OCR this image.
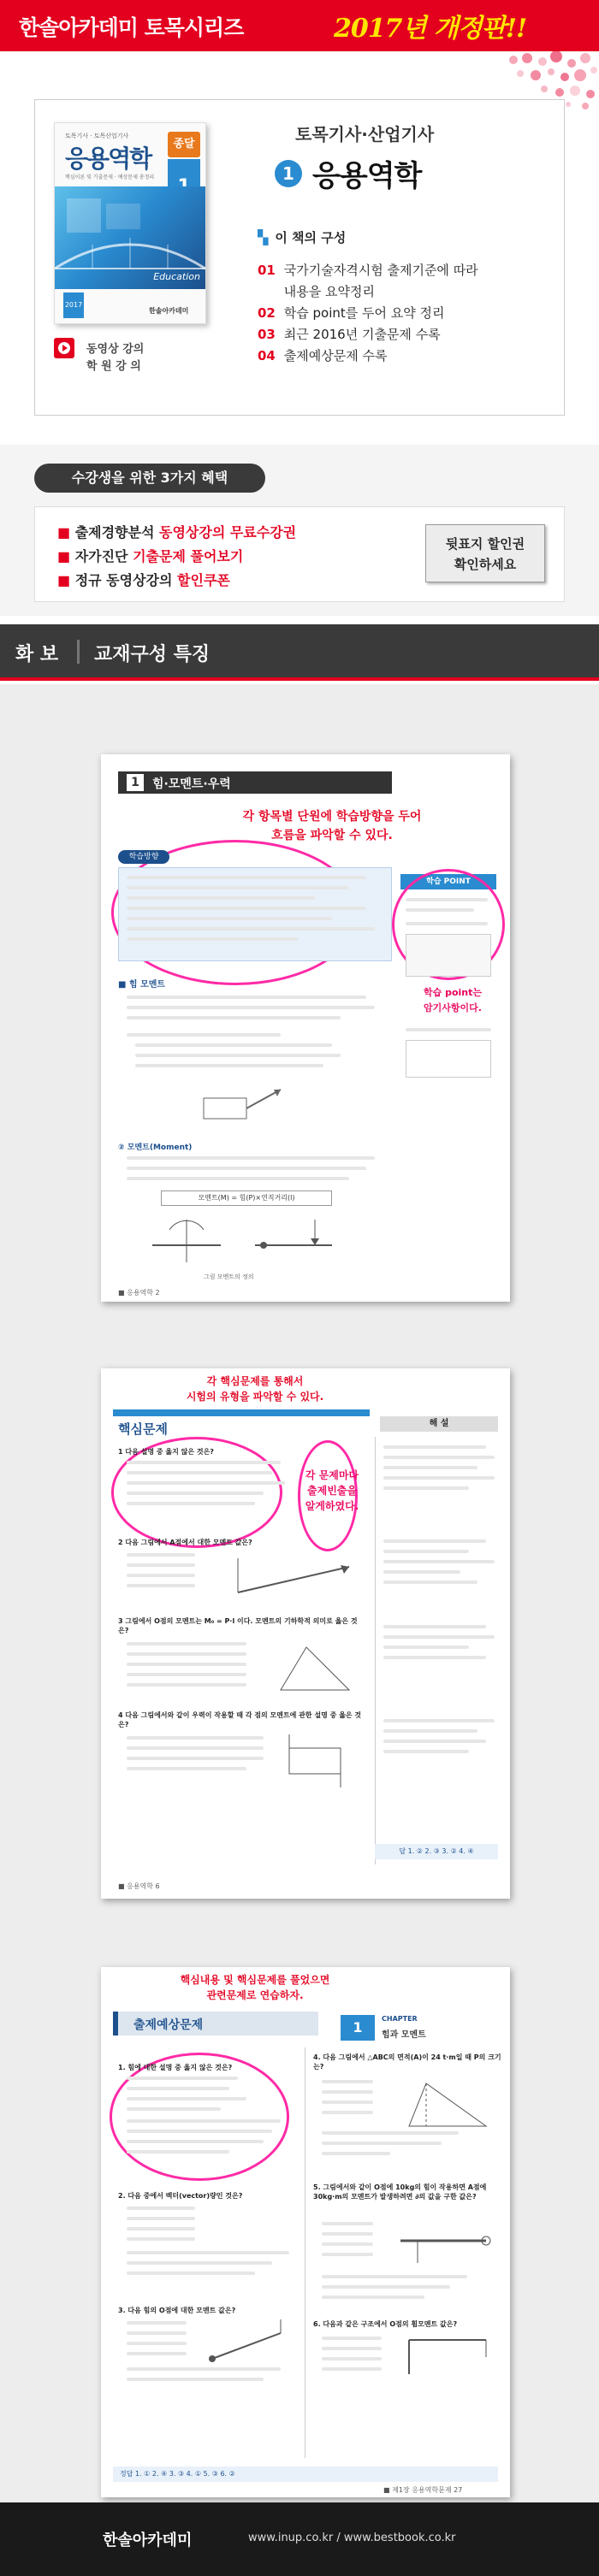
한솔아카데미 토목시리즈	2017년 개정판!!
토목기사 · 토목산업기사
응용역학
핵심이론 및 기출문제 · 예상문제 총정리
종달
Education
2017
한솔아카데미
동영상 강의
학 원 강 의
토목기사·산업기사
1 응용역학
▚ 이 책의 구성
01 국가기술자격시험 출제기준에 따라
내용을 요약정리
02 학습 point를 두어 요약 정리
03 최근 2016년 기출문제 수록
04 출제예상문제 수록
수강생을 위한 3가지 혜택
■ 출제경향분석 동영상강의 무료수강권
■ 자가진단 기출문제 풀어보기
■ 정규 동영상강의 할인쿠폰
뒷표지 할인권
확인하세요
화 보 교재구성 특징
1	힘·모멘트·우력
각 항목별 단원에 학습방향을 두어
흐름을 파악할 수 있다.
학습방향
■ 힘 모멘트
② 모멘트(Moment)
모멘트(M) = 힘(P)×연직거리(l)
그림 모멘트의 정의
■ 응용역학 2
학습 POINT
학습 point는
암기사항이다.
각 핵심문제를 통해서
시험의 유형을 파악할 수 있다.
핵심문제	해 설
각 문제마다
출제빈출을
알게하였다.
1 다음 설명 중 옳지 않은 것은?
2 다음 그림에서 A점에서 대한 모멘트 값은?
3 그림에서 O점의 모멘트는 M₀ = P·l 이다. 모멘트의 기하학적 의미로 옳은 것은?
4 다음 그림에서와 같이 우력이 작용할 때 각 점의 모멘트에 관한 설명 중 옳은 것은?
답 1. ② 2. ③ 3. ② 4. ④
■ 응용역학 6
핵심내용 및 핵심문제를 풀었으면
관련문제로 연습하자.
출제예상문제	1
CHAPTER
힘과 모멘트
1. 힘에 대한 설명 중 옳지 않은 것은?
2. 다음 중에서 벡터(vector)량인 것은?
3. 다음 힘의 O점에 대한 모멘트 값은?
4. 다음 그림에서 △ABC의 면적(A)이 24 t·m일 때 P의 크기는?
5. 그림에서와 같이 O점에 10kg의 힘이 작용하면 A점에 30kg·m의 모멘트가 발생하려면 ∂의 값을 구한 값은?
6. 다음과 같은 구조에서 O점의 휨모멘트 값은?
정답 1. ① 2. ④ 3. ③ 4. ① 5. ③ 6. ②
■ 제1장 응용역학문제 27
한솔아카데미	www.inup.co.kr / www.bestbook.co.kr
